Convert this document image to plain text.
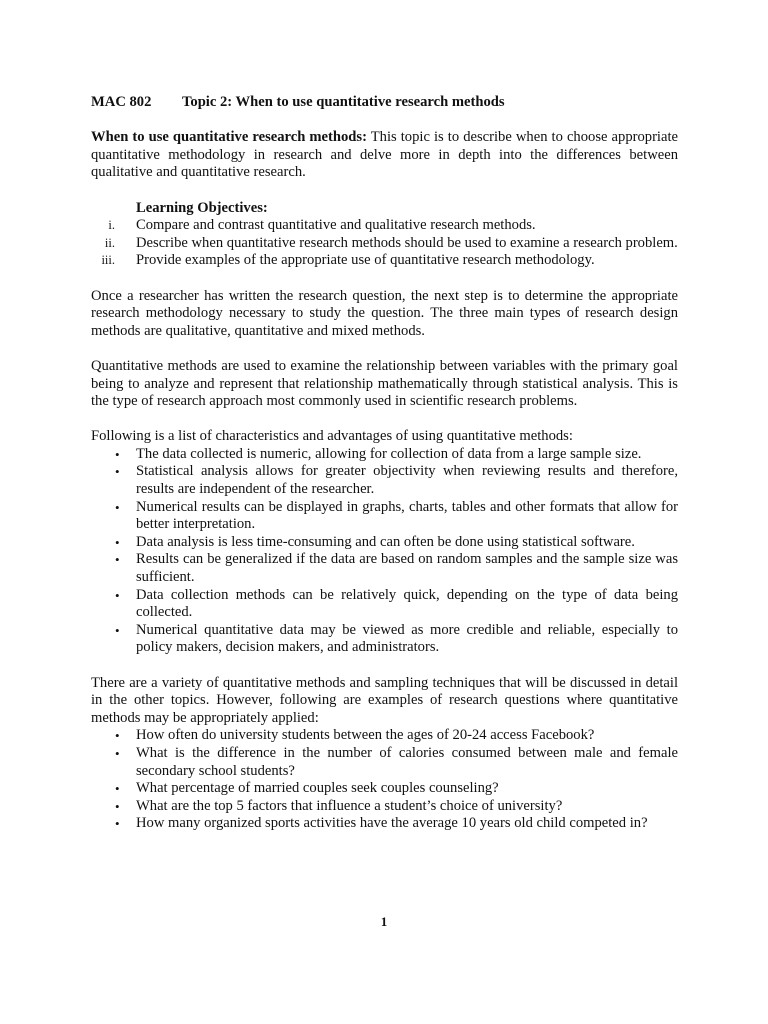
MAC 802 Topic 2: When to use quantitative research methods

When to use quantitative research methods: This topic is to describe when to choose appropriate quantitative methodology in research and delve more in depth into the differences between qualitative and quantitative research.

Learning Objectives:
i. Compare and contrast quantitative and qualitative research methods.
ii. Describe when quantitative research methods should be used to examine a research problem.
iii. Provide examples of the appropriate use of quantitative research methodology.

Once a researcher has written the research question, the next step is to determine the appropriate research methodology necessary to study the question. The three main types of research design methods are qualitative, quantitative and mixed methods.

Quantitative methods are used to examine the relationship between variables with the primary goal being to analyze and represent that relationship mathematically through statistical analysis. This is the type of research approach most commonly used in scientific research problems.

Following is a list of characteristics and advantages of using quantitative methods:
• The data collected is numeric, allowing for collection of data from a large sample size.
• Statistical analysis allows for greater objectivity when reviewing results and therefore, results are independent of the researcher.
• Numerical results can be displayed in graphs, charts, tables and other formats that allow for better interpretation.
• Data analysis is less time-consuming and can often be done using statistical software.
• Results can be generalized if the data are based on random samples and the sample size was sufficient.
• Data collection methods can be relatively quick, depending on the type of data being collected.
• Numerical quantitative data may be viewed as more credible and reliable, especially to policy makers, decision makers, and administrators.

There are a variety of quantitative methods and sampling techniques that will be discussed in detail in the other topics. However, following are examples of research questions where quantitative methods may be appropriately applied:

• How often do university students between the ages of 20-24 access Facebook?
• What is the difference in the number of calories consumed between male and female secondary school students?
• What percentage of married couples seek couples counseling?
• What are the top 5 factors that influence a student’s choice of university?
• How many organized sports activities have the average 10 years old child competed in?
1
